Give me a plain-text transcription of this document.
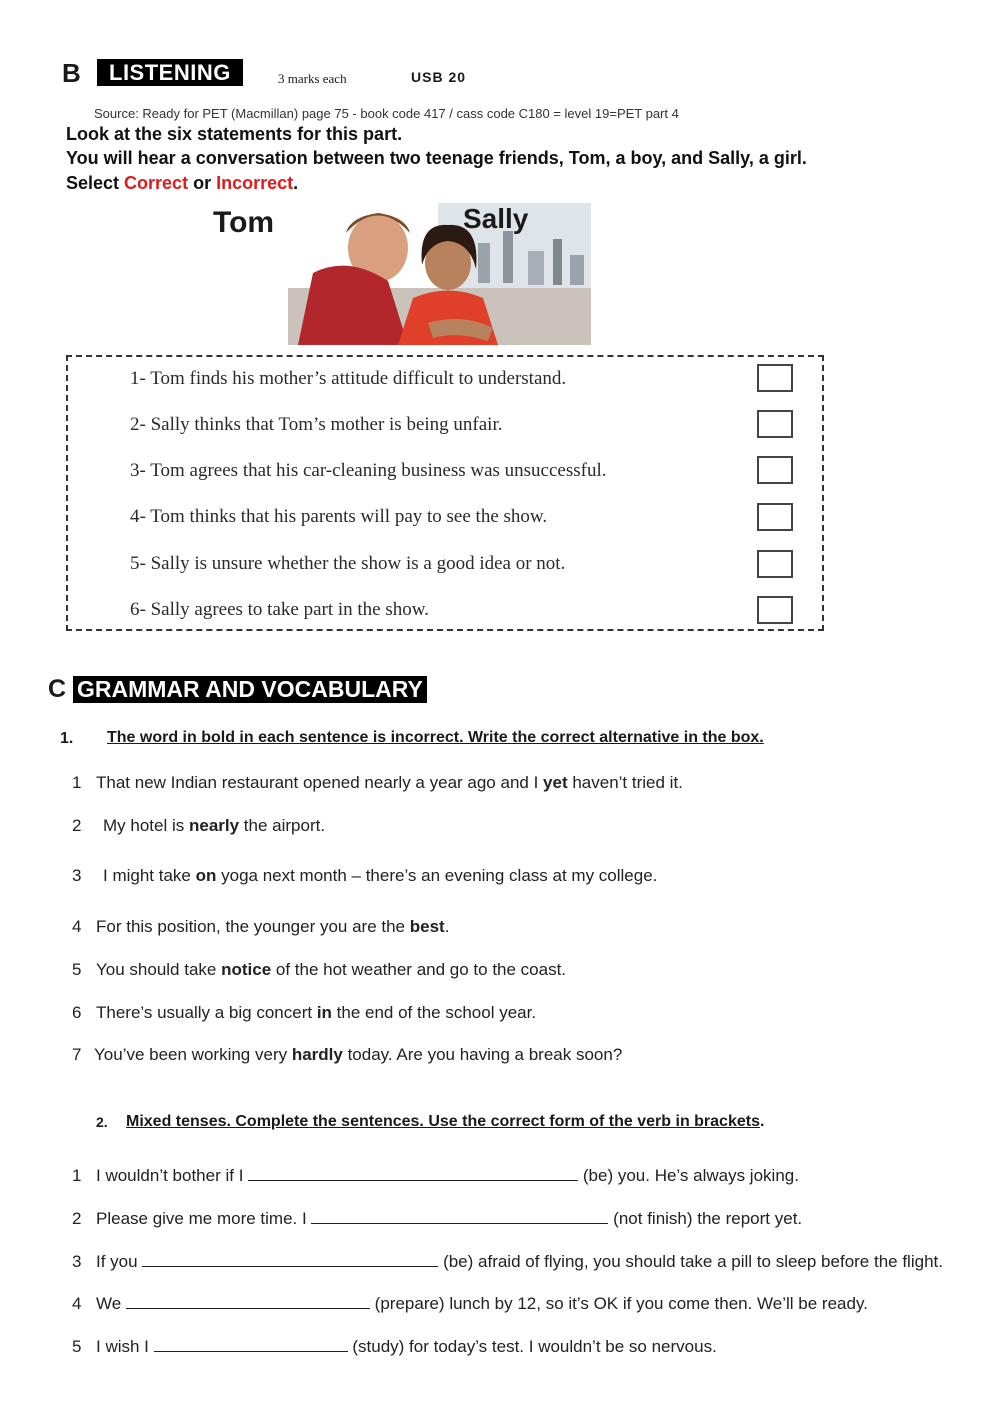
B	LISTENING	3 marks each	USB 20
Source: Ready for PET (Macmillan) page 75 - book code 417 / cass code C180 = level 19=PET part 4
Look at the six statements for this part.
You will hear a conversation between two teenage friends, Tom, a boy, and Sally, a girl.
Select Correct or Incorrect.
Tom	Sally
1- Tom finds his mother’s attitude difficult to understand.
2- Sally thinks that Tom’s mother is being unfair.
3- Tom agrees that his car-cleaning business was unsuccessful.
4- Tom thinks that his parents will pay to see the show.
5- Sally is unsure whether the show is a good idea or not.
6- Sally agrees to take part in the show.
C GRAMMAR AND VOCABULARY
1. The word in bold in each sentence is incorrect. Write the correct alternative in the box.
1 That new Indian restaurant opened nearly a year ago and I yet haven’t tried it.
2 My hotel is nearly the airport.
3 I might take on yoga next month – there’s an evening class at my college.
4 For this position, the younger you are the best.
5 You should take notice of the hot weather and go to the coast.
6 There’s usually a big concert in the end of the school year.
7 You’ve been working very hardly today. Are you having a break soon?
2. Mixed tenses. Complete the sentences. Use the correct form of the verb in brackets.
1 I wouldn’t bother if I	(be) you. He’s always joking.
2 Please give me more time. I	(not finish) the report yet.
3 If you	(be) afraid of flying, you should take a pill to sleep before the flight.
4 We	(prepare) lunch by 12, so it’s OK if you come then. We’ll be ready.
5 I wish I	(study) for today’s test. I wouldn’t be so nervous.
